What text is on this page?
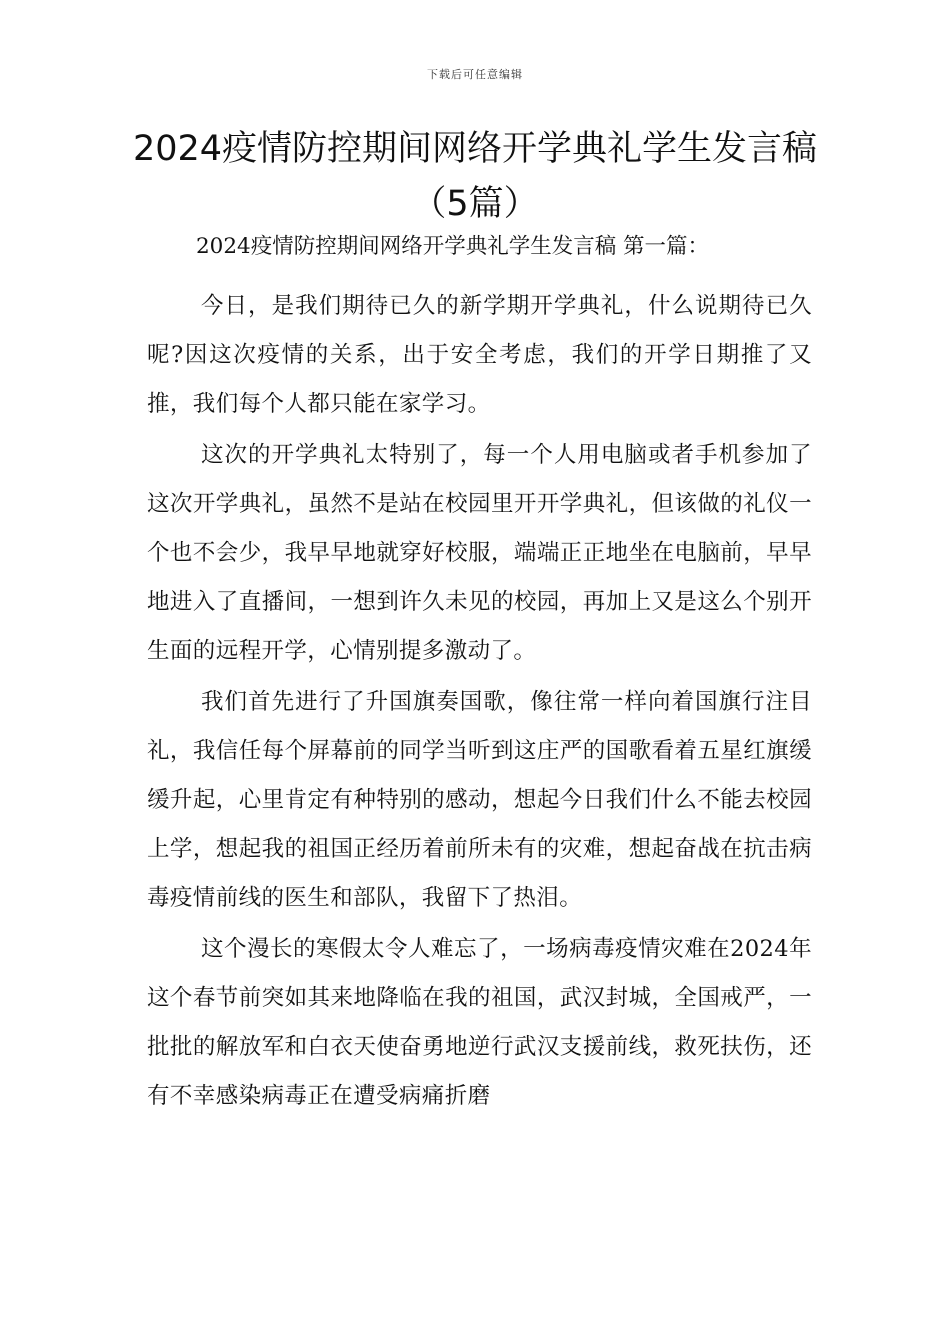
下载后可任意编辑
2024疫情防控期间网络开学典礼学生发言稿（5篇）
2024疫情防控期间网络开学典礼学生发言稿 第一篇：

今日，是我们期待已久的新学期开学典礼，什么说期待已久呢?因这次疫情的关系，出于安全考虑，我们的开学日期推了又推，我们每个人都只能在家学习。

这次的开学典礼太特别了，每一个人用电脑或者手机参加了这次开学典礼，虽然不是站在校园里开开学典礼，但该做的礼仪一个也不会少，我早早地就穿好校服，端端正正地坐在电脑前，早早地进入了直播间，一想到许久未见的校园，再加上又是这么个别开生面的远程开学，心情别提多激动了。

我们首先进行了升国旗奏国歌，像往常一样向着国旗行注目礼，我信任每个屏幕前的同学当听到这庄严的国歌看着五星红旗缓缓升起，心里肯定有种特别的感动，想起今日我们什么不能去校园上学，想起我的祖国正经历着前所未有的灾难，想起奋战在抗击病毒疫情前线的医生和部队，我留下了热泪。

这个漫长的寒假太令人难忘了，一场病毒疫情灾难在2024年这个春节前突如其来地降临在我的祖国，武汉封城，全国戒严，一批批的解放军和白衣天使奋勇地逆行武汉支援前线，救死扶伤，还有不幸感染病毒正在遭受病痛折磨
